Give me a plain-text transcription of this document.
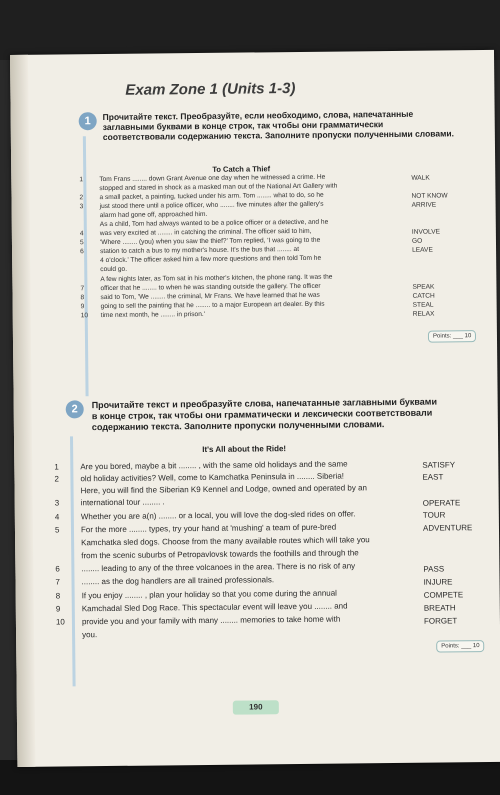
Exam Zone 1 (Units 1-3)
1	Прочитайте текст. Преобразуйте, если необходимо, слова, напечатанные
заглавными буквами в конце строк, так чтобы они грамматически
соответствовали содержанию текста. Заполните пропуски полученными словами.
To Catch a Thief
Tom Frans ........ down Grant Avenue one day when he witnessed a crime. He
stopped and stared in shock as a masked man out of the National Art Gallery with
a small packet, a painting, tucked under his arm. Tom ........ what to do, so he
just stood there until a police officer, who ........ five minutes after the gallery's
alarm had gone off, approached him.
As a child, Tom had always wanted to be a police officer or a detective, and he
was very excited at ........ in catching the criminal. The officer said to him,
'Where ........ (you) when you saw the thief?' Tom replied, 'I was going to the
station to catch a bus to my mother's house. It's the bus that ........ at
4 o'clock.' The officer asked him a few more questions and then told Tom he
could go.
A few nights later, as Tom sat in his mother's kitchen, the phone rang. It was the
officer that he ........ to when he was standing outside the gallery. The officer
said to Tom, 'We ........ the criminal, Mr Frans. We have learned that he was
going to sell the painting that he ........ to a major European art dealer. By this
time next month, he ........ in prison.'
1
2
3
4
5
6
7
8
9
10
WALK
NOT KNOW
ARRIVE
INVOLVE
GO
LEAVE
SPEAK
CATCH
STEAL
RELAX
Points: ___ 10
2	Прочитайте текст и преобразуйте слова, напечатанные заглавными буквами
в конце строк, так чтобы они грамматически и лексически соответствовали
содержанию текста. Заполните пропуски полученными словами.
It's All about the Ride!
Are you bored, maybe a bit ........ , with the same old holidays and the same
old holiday activities? Well, come to Kamchatka Peninsula in ........ Siberia!
Here, you will find the Siberian K9 Kennel and Lodge, owned and operated by an
international tour ........ .
Whether you are a(n) ........ or a local, you will love the dog-sled rides on offer.
For the more ........ types, try your hand at 'mushing' a team of pure-bred
Kamchatka sled dogs. Choose from the many available routes which will take you
from the scenic suburbs of Petropavlovsk towards the foothills and through the
........ leading to any of the three volcanoes in the area. There is no risk of any
........ as the dog handlers are all trained professionals.
If you enjoy ........ , plan your holiday so that you come during the annual
Kamchadal Sled Dog Race. This spectacular event will leave you ........ and
provide you and your family with many ........ memories to take home with
you.
1
2
3
4
5
6
7
8
9
10
SATISFY
EAST
OPERATE
TOUR
ADVENTURE
PASS
INJURE
COMPETE
BREATH
FORGET
Points: ___ 10
190
